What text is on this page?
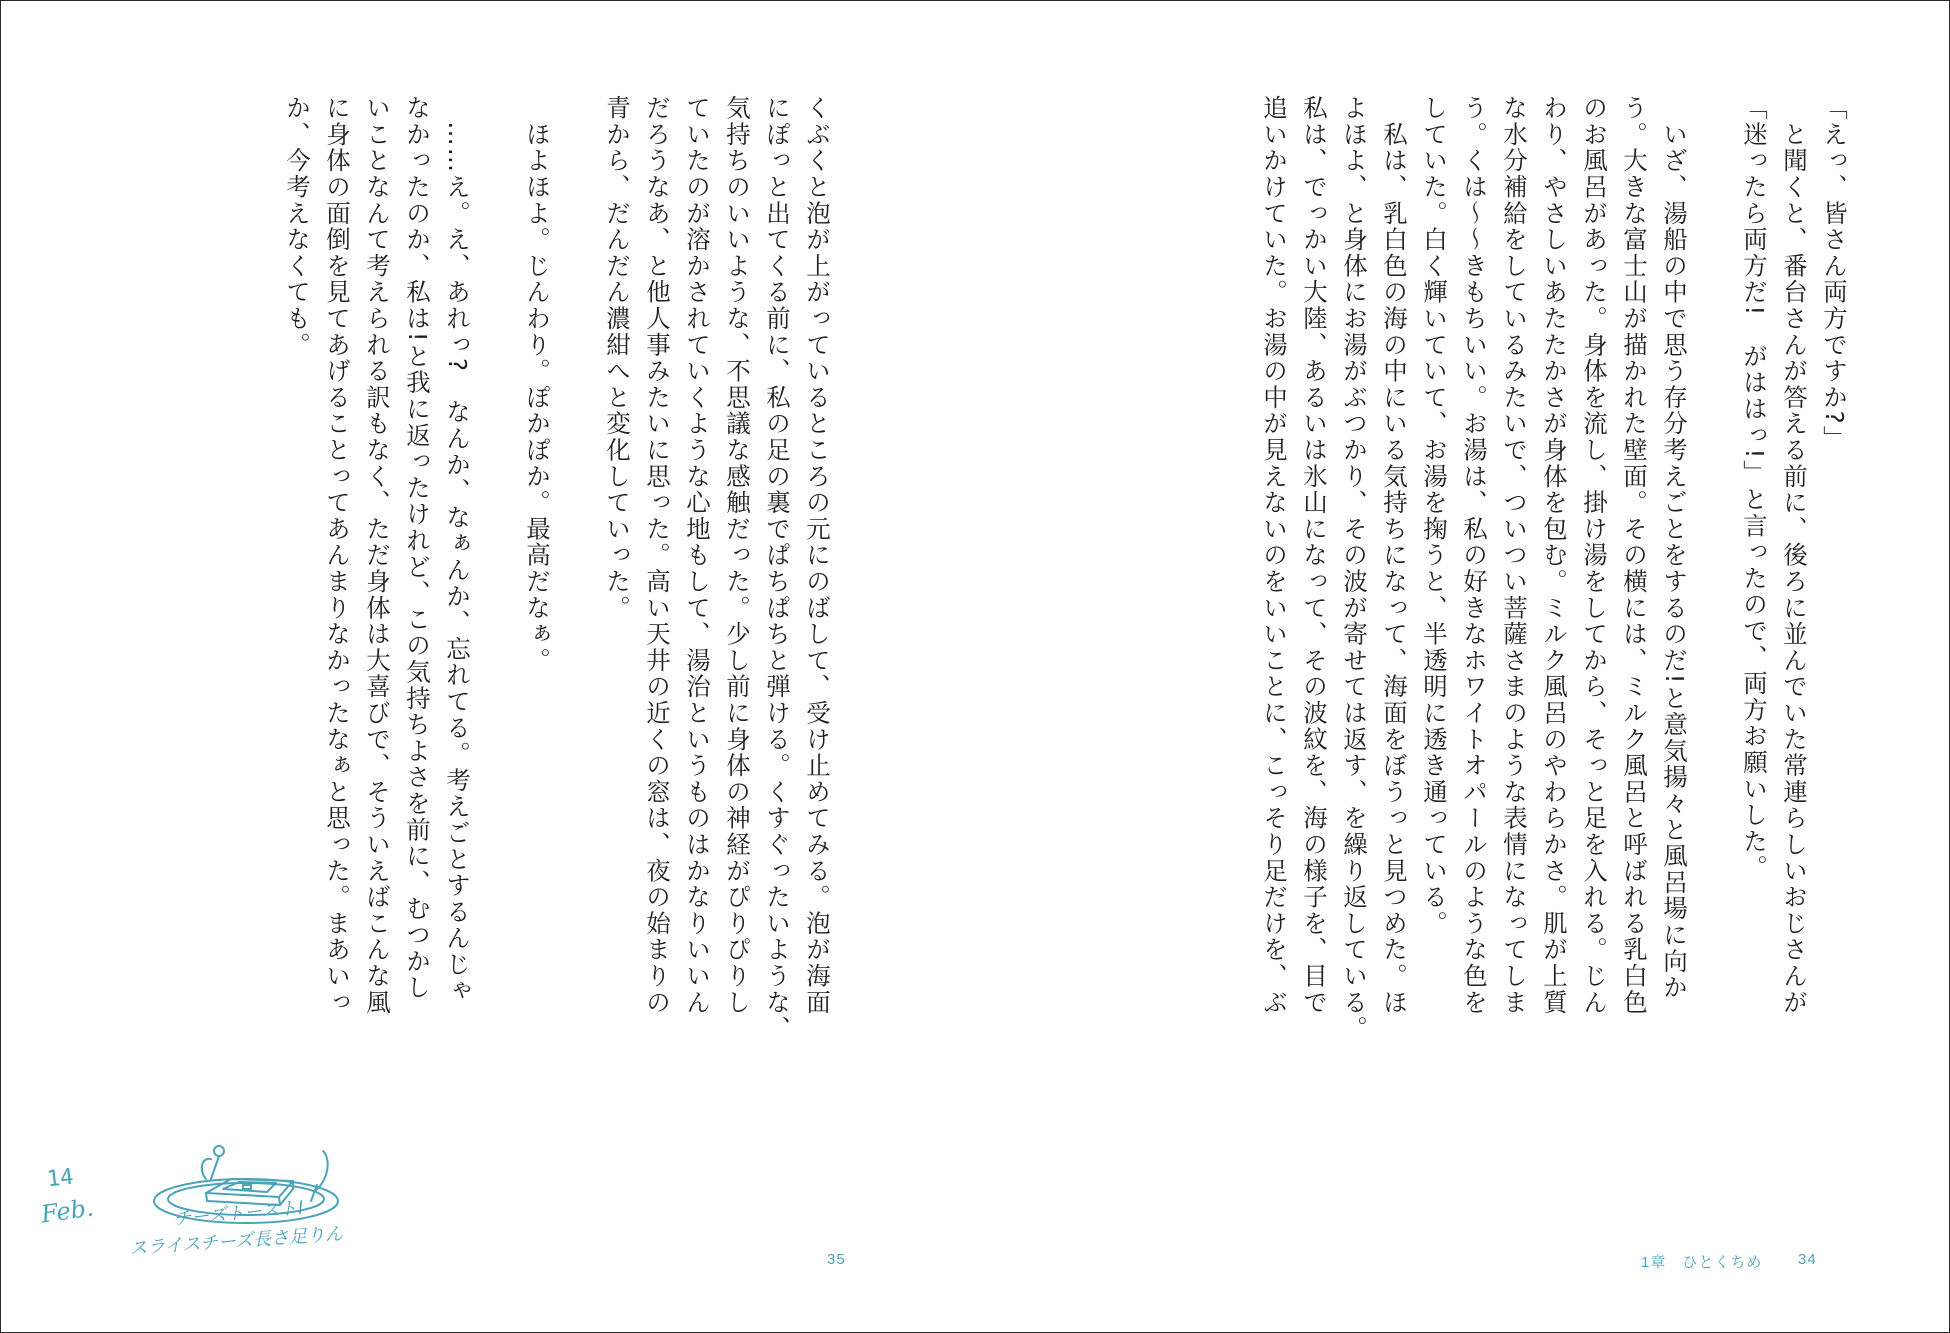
「えっ、皆さん両方ですか?」
　と聞くと、番台さんが答える前に、後ろに並んでいた常連らしいおじさんが
「迷ったら両方だ!　がははっ!」と言ったので、両方お願いした。
　いざ、湯船の中で思う存分考えごとをするのだ!と意気揚々と風呂場に向か
う。大きな富士山が描かれた壁面。その横には、ミルク風呂と呼ばれる乳白色
のお風呂があった。身体を流し、掛け湯をしてから、そっと足を入れる。じん
わり、やさしいあたたかさが身体を包む。ミルク風呂のやわらかさ。肌が上質
な水分補給をしているみたいで、ついつい菩薩さまのような表情になってしま
う。くは〜〜きもちいい。お湯は、私の好きなホワイトオパールのような色を
していた。白く輝いていて、お湯を掬うと、半透明に透き通っている。
　私は、乳白色の海の中にいる気持ちになって、海面をぼうっと見つめた。ほ
よほよ、と身体にお湯がぶつかり、その波が寄せては返す、を繰り返している。
私は、でっかい大陸、あるいは氷山になって、その波紋を、海の様子を、目で
追いかけていた。お湯の中が見えないのをいいことに、こっそり足だけを、ぶ
くぶくと泡が上がっているところの元にのばして、受け止めてみる。泡が海面
にぽっと出てくる前に、私の足の裏でぱちぱちと弾ける。くすぐったいような、
気持ちのいいような、不思議な感触だった。少し前に身体の神経がぴりぴりし
ていたのが溶かされていくような心地もして、湯治というものはかなりいいん
だろうなあ、と他人事みたいに思った。高い天井の近くの窓は、夜の始まりの
青から、だんだん濃紺へと変化していった。
　ほよほよ。じんわり。ぽかぽか。最高だなぁ。
　……え。え、あれっ?　なんか、なぁんか、忘れてる。考えごとするんじゃ
なかったのか、私は!と我に返ったけれど、この気持ちよさを前に、むつかし
いことなんて考えられる訳もなく、ただ身体は大喜びで、そういえばこんな風
に身体の面倒を見てあげることってあんまりなかったなぁと思った。まあいっ
か、今考えなくても。
1章　ひとくちめ 34
35
14
Feb.	チーズトースト!
スライスチーズ長さ足りん
